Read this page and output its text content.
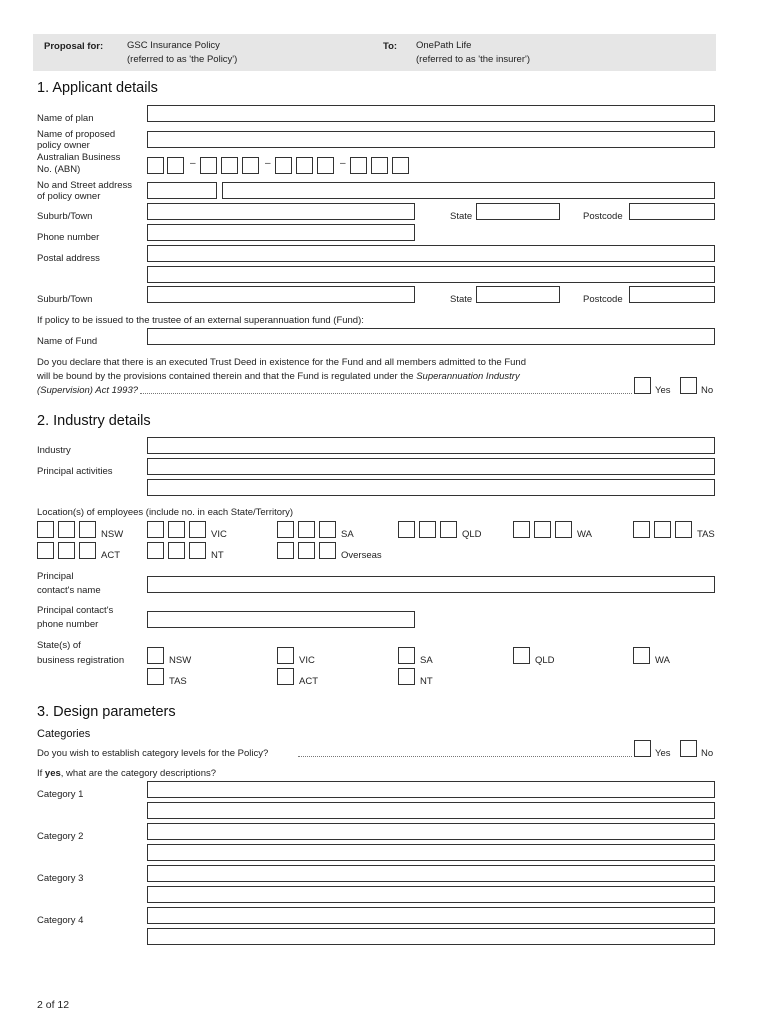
Proposal for:	GSC Insurance Policy
(referred to as 'the Policy')
To: OnePath Life
(referred to as 'the insurer')
1. Applicant details
Name of plan
Name of proposed
policy owner
Australian Business
No. (ABN)
–	–	–
No and Street address
of policy owner
Suburb/Town	State	Postcode
Phone number
Postal address
Suburb/Town	State	Postcode
If policy to be issued to the trustee of an external superannuation fund (Fund):
Name of Fund
Do you declare that there is an executed Trust Deed in existence for the Fund and all members admitted to the Fund
will be bound by the provisions contained therein and that the Fund is regulated under the Superannuation Industry
(Supervision) Act 1993?	Yes	No
2. Industry details
Industry
Principal activities
Location(s) of employees (include no. in each State/Territory)
NSW	VIC	SA	QLD	WA	TAS
ACT	NT	Overseas
Principal
contact's name
Principal contact's
phone number
State(s) of
business registration	NSW	VIC	SA	QLD	WA
TAS	ACT	NT
3. Design parameters
Categories
Do you wish to establish category levels for the Policy?	Yes	No
If yes, what are the category descriptions?
Category 1
Category 2
Category 3
Category 4
2 of 12
